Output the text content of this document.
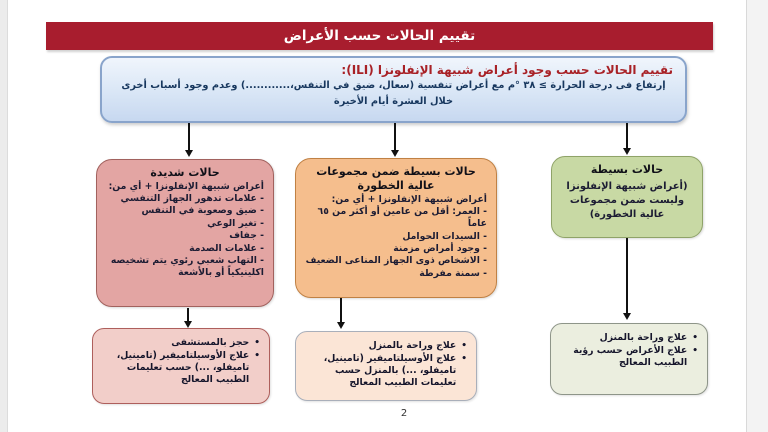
تقييم الحالات حسب الأعراض
تقييم الحالات حسب وجود أعراض شبيهة الإنفلونزا (ILI):
إرتفاع فى درجة الحرارة ≥ ٣٨ °م مع أعراض تنفسية (سعال، ضيق في التنفس،............) وعدم وجود أسباب أخرى
خلال العشرة أيام الأخيرة
حالات شديدة
أعراض شبيهة الإنفلونزا + أي من:
- علامات تدهور الجهاز التنفسي
- ضيق وصعوبة في التنفس
- تغير الوعي
- جفاف
- علامات الصدمة
- التهاب شعبي رئوي يتم تشخيصه اكلينيكياً أو بالأشعة
حالات بسيطة ضمن مجموعات عالية الخطورة
أعراض شبيهة الإنفلونزا + أي من:
- العمر: أقل من عامين أو أكثر من ٦٥ عاماً
- السيدات الحوامل
- وجود أمراض مزمنة
- الاشخاص ذوى الجهاز المناعى الضعيف
- سمنة مفرطة
حالات بسيطة
(أعراض شبيهة الإنفلونزا وليست ضمن مجموعات عالية الخطورة)
•
حجز بالمستشفى
•
علاج الأوسيلتاميفير (تامينيل، تاميفلو، ...) حسب تعليمات الطبيب المعالج
•
علاج وراحة بالمنزل
•
علاج الأوسيلتاميفير (تامينيل، تاميفلو، ...) بالمنزل حسب تعليمات الطبيب المعالج
•
علاج وراحة بالمنزل
•
علاج الأعراض حسب رؤية الطبيب المعالج
2
